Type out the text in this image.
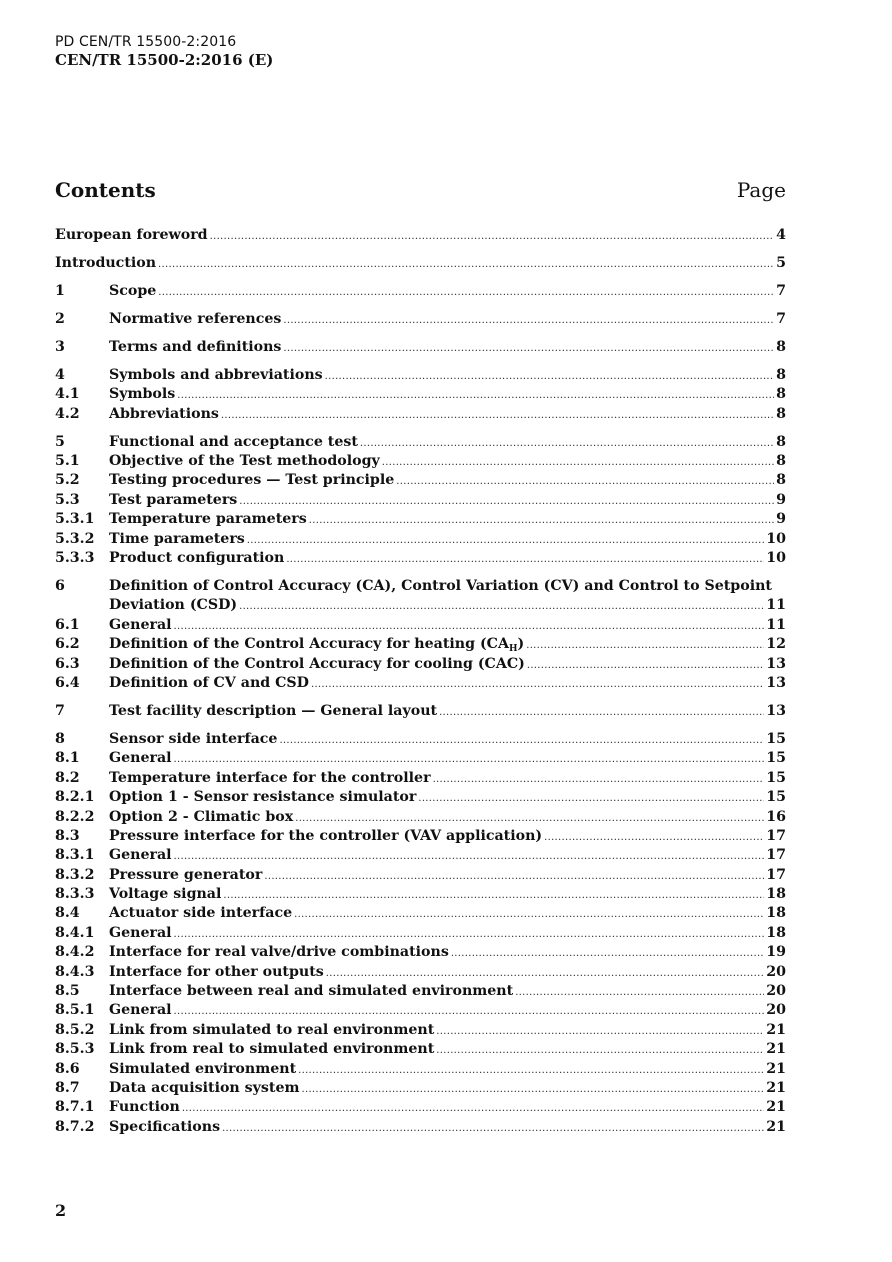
PD CEN/TR 15500-2:2016
CEN/TR 15500-2:2016 (E)
Contents	Page
European foreword .....	4
Introduction .....	5
1	Scope .....	7
2	Normative references .....	7
3	Terms and definitions .....	8
4	Symbols and abbreviations .....	8
4.1	Symbols .....	8
4.2	Abbreviations .....	8
5	Functional and acceptance test .....	8
5.1	Objective of the Test methodology .....	8
5.2	Testing procedures — Test principle .....	8
5.3	Test parameters .....	9
5.3.1	Temperature parameters .....	9
5.3.2	Time parameters .....	10
5.3.3	Product configuration .....	10
6	Definition of Control Accuracy (CA), Control Variation (CV) and Control to Setpoint
Deviation (CSD) .....	11
6.1	General .....	11
6.2	Definition of the Control Accuracy for heating $(CA_H)$ .....	12
6.3	Definition of the Control Accuracy for cooling (CAC) .....	13
6.4	Definition of CV and CSD .....	13
7	Test facility description — General layout .....	13
8	Sensor side interface .....	15
8.1	General .....	15
8.2	Temperature interface for the controller .....	15
8.2.1	Option 1 - Sensor resistance simulator .....	15
8.2.2	Option 2 - Climatic box .....	16
8.3	Pressure interface for the controller (VAV application) .....	17
8.3.1	General .....	17
8.3.2	Pressure generator .....	17
8.3.3	Voltage signal .....	18
8.4	Actuator side interface .....	18
8.4.1	General .....	18
8.4.2	Interface for real valve/drive combinations .....	19
8.4.3	Interface for other outputs .....	20
8.5	Interface between real and simulated environment .....	20
8.5.1	General .....	20
8.5.2	Link from simulated to real environment .....	21
8.5.3	Link from real to simulated environment .....	21
8.6	Simulated environment .....	21
8.7	Data acquisition system .....	21
8.7.1	Function .....	21
8.7.2	Specifications .....	21
2
